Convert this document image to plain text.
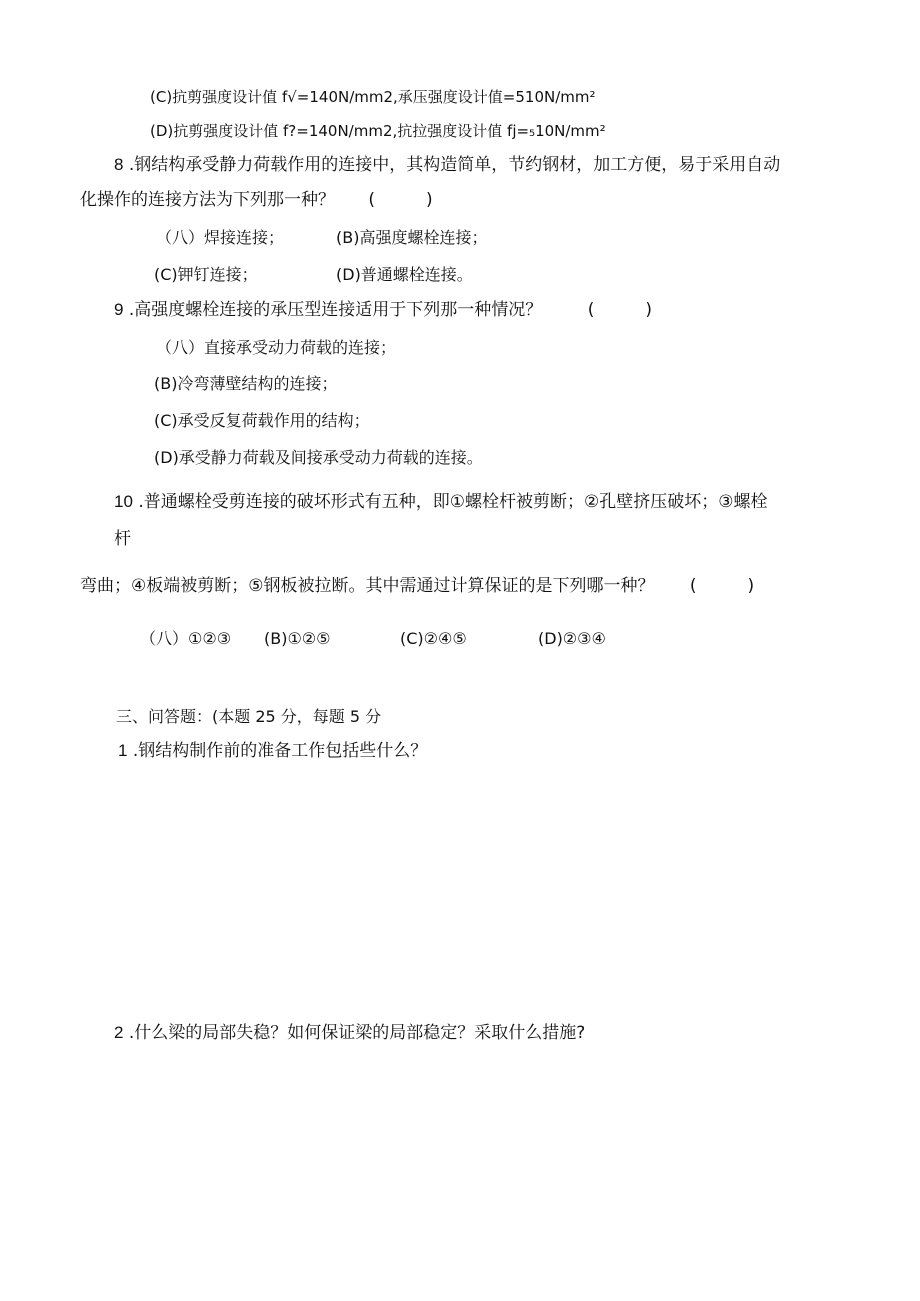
(C)抗剪强度设计值 f√=140N∕mm2,承压强度设计值=510N∕mm²
(D)抗剪强度设计值 f?=140N/mm2,抗拉强度设计值 fj=₅10N∕mm²
8 .钢结构承受静力荷载作用的连接中，其构造简单，节约钢材，加工方便，易于采用自动
化操作的连接方法为下列那一种？ (　　　)
（八）焊接连接；	(B)高强度螺栓连接；
(C)钾钉连接；	(D)普通螺栓连接。
9 .高强度螺栓连接的承压型连接适用于下列那一种情况？	(　　　)
（八）直接承受动力荷载的连接；
(B)冷弯薄壁结构的连接；
(C)承受反复荷载作用的结构；
(D)承受静力荷载及间接承受动力荷载的连接。
10 .普通螺栓受剪连接的破坏形式有五种，即①螺栓杆被剪断；②孔壁挤压破坏；③螺栓
杆
弯曲；④板端被剪断；⑤钢板被拉断。其中需通过计算保证的是下列哪一种？ (　　　)
（八）①②③ (B)①②⑤	(C)②④⑤	(D)②③④
三、问答题：(本题 25 分，每题 5 分
1 .钢结构制作前的准备工作包括些什么？
2 .什么梁的局部失稳？如何保证梁的局部稳定？采取什么措施?
